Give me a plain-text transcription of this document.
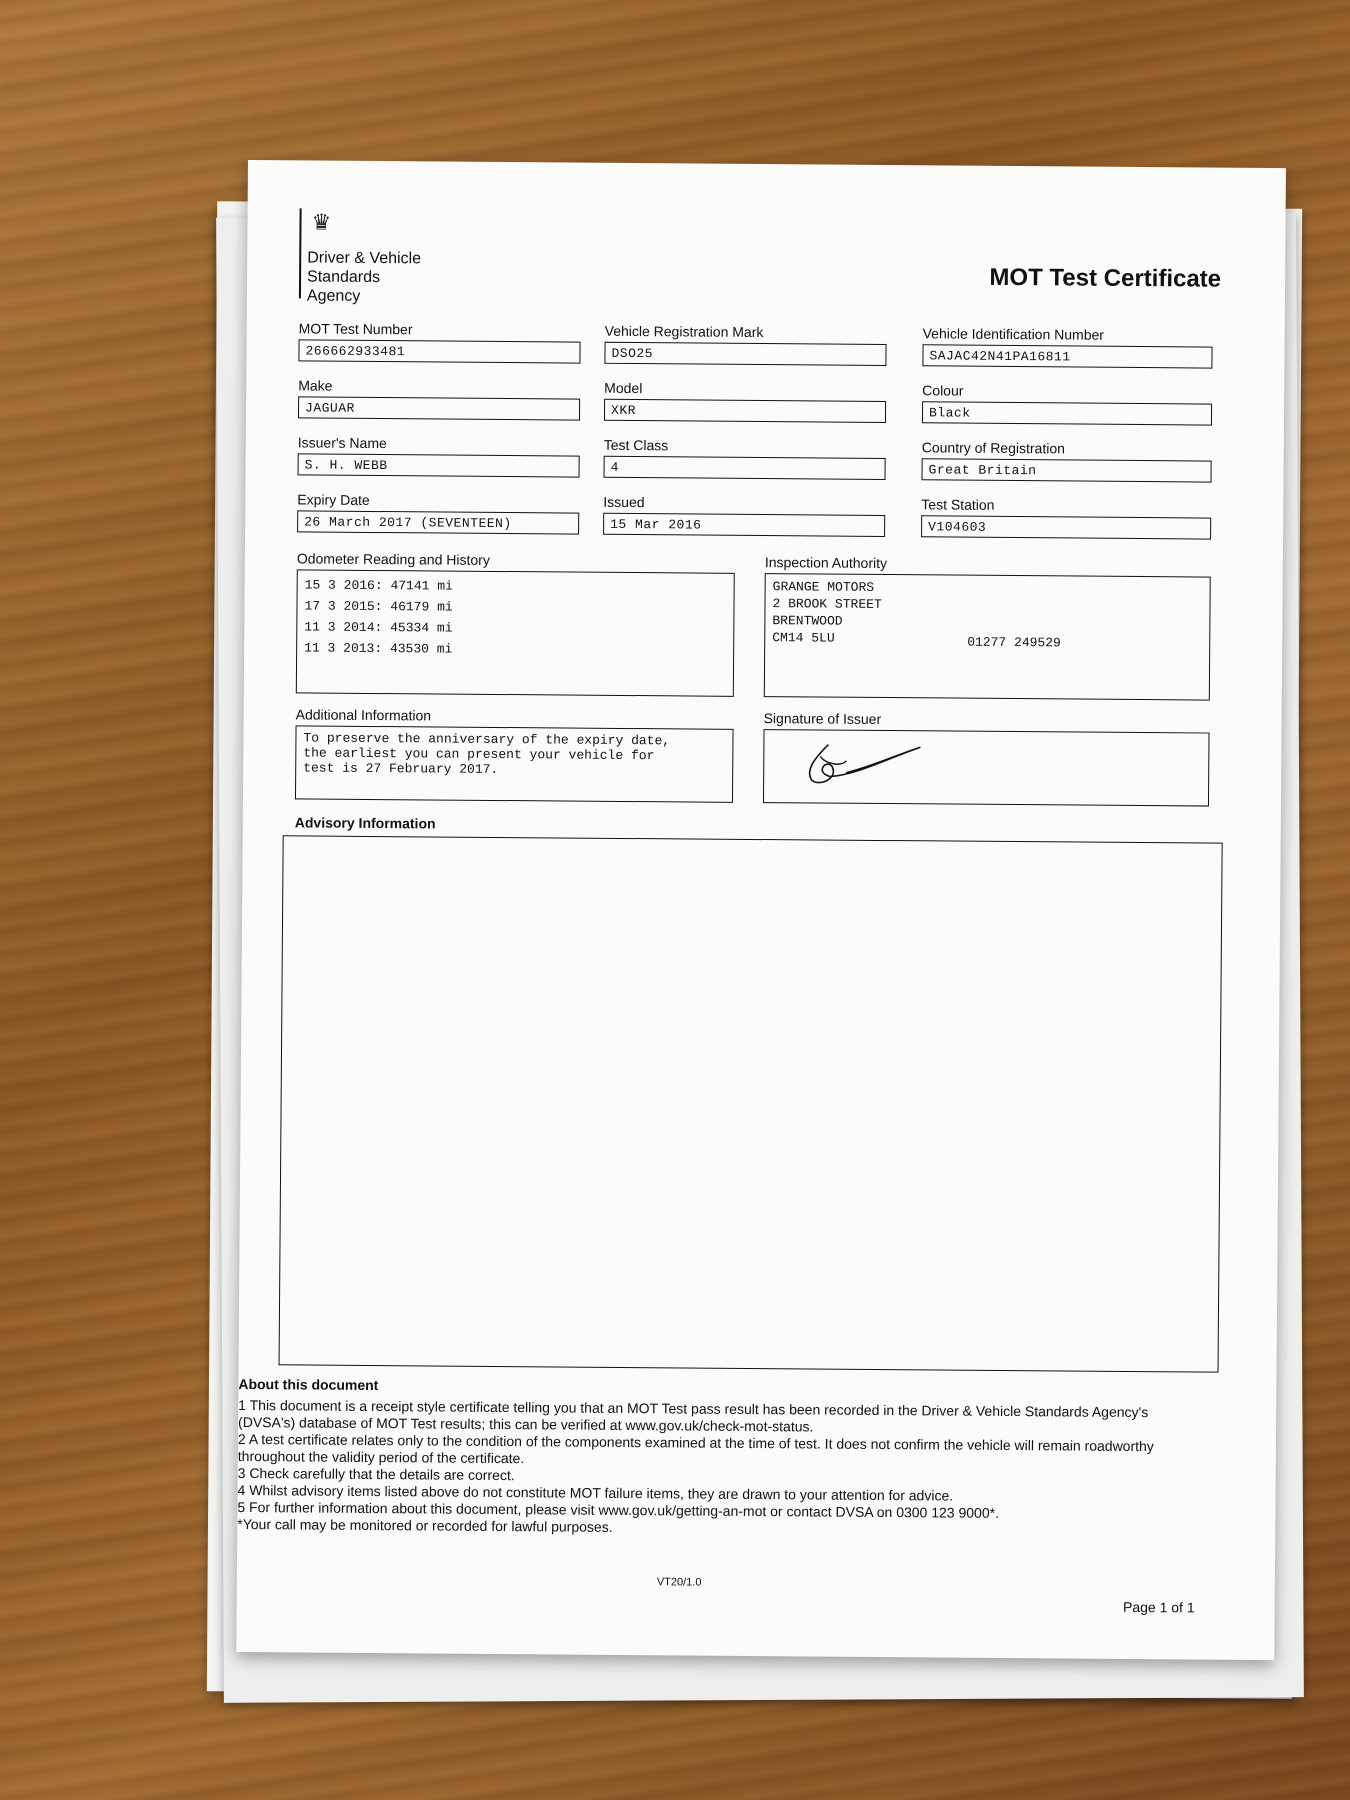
♛
Driver & Vehicle
Standards
Agency
MOT Test Certificate
MOT Test Number
266662933481
Vehicle Registration Mark
DSO25
Vehicle Identification Number
SAJAC42N41PA16811
Make
JAGUAR
Model
XKR
Colour
Black
Issuer's Name
S. H. WEBB
Test Class
4
Country of Registration
Great Britain
Expiry Date
26 March 2017 (SEVENTEEN)
Issued
15 Mar 2016
Test Station
V104603
Odometer Reading and History
15 3 2016: 47141 mi
17 3 2015: 46179 mi
11 3 2014: 45334 mi
11 3 2013: 43530 mi
Inspection Authority
GRANGE MOTORS
2 BROOK STREET
BRENTWOOD
CM14 5LU	01277 249529
Additional Information
To preserve the anniversary of the expiry date,
the earliest you can present your vehicle for
test is 27 February 2017.
Signature of Issuer
Advisory Information
About this document

1 This document is a receipt style certificate telling you that an MOT Test pass result has been recorded in the Driver & Vehicle Standards Agency's (DVSA's) database of MOT Test results; this can be verified at www.gov.uk/check-mot-status.

2 A test certificate relates only to the condition of the components examined at the time of test. It does not confirm the vehicle will remain roadworthy throughout the validity period of the certificate.

3 Check carefully that the details are correct.

4 Whilst advisory items listed above do not constitute MOT failure items, they are drawn to your attention for advice.

5 For further information about this document, please visit www.gov.uk/getting-an-mot or contact DVSA on 0300 123 9000*.

*Your call may be monitored or recorded for lawful purposes.

VT20/1.0
Page 1 of 1
